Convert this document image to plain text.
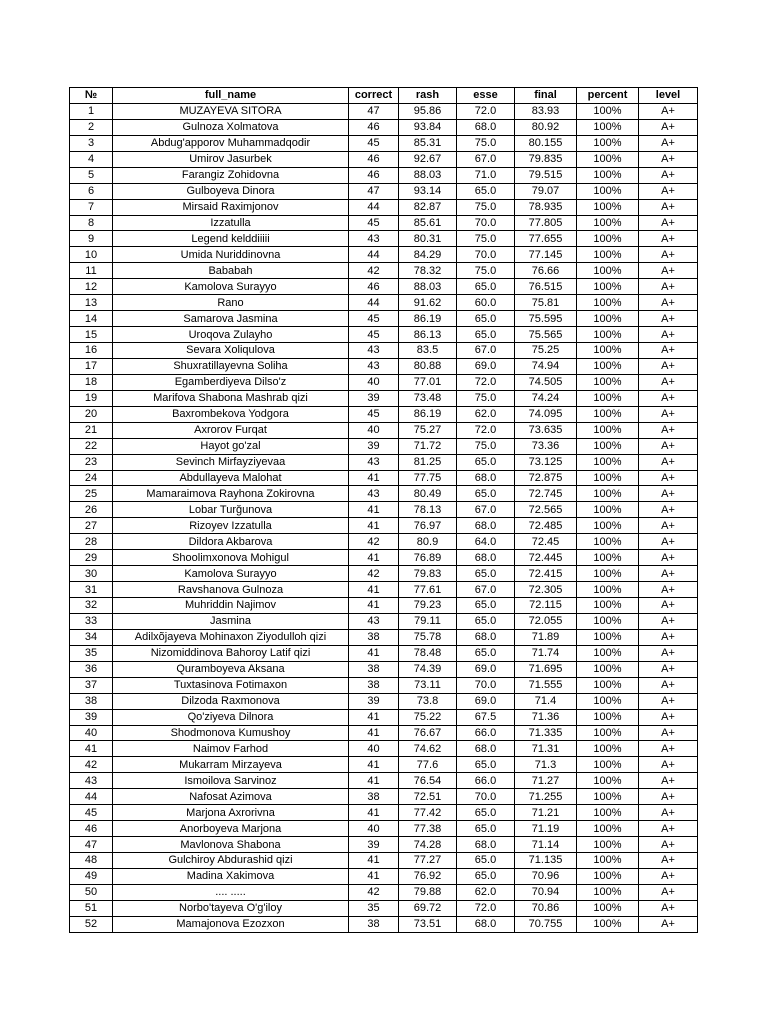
№	full_name	correct	rash	esse	final	percent	level
1	MUZAYEVA SITORA	47	95.86	72.0	83.93	100%	A+
2	Gulnoza Xolmatova	46	93.84	68.0	80.92	100%	A+
3	Abdug'apporov Muhammadqodir	45	85.31	75.0	80.155	100%	A+
4	Umirov Jasurbek	46	92.67	67.0	79.835	100%	A+
5	Farangiz Zohidovna	46	88.03	71.0	79.515	100%	A+
6	Gulboyeva Dinora	47	93.14	65.0	79.07	100%	A+
7	Mirsaid Raximjonov	44	82.87	75.0	78.935	100%	A+
8	Izzatulla	45	85.61	70.0	77.805	100%	A+
9	Legend kelddiiiii	43	80.31	75.0	77.655	100%	A+
10	Umida Nuriddinovna	44	84.29	70.0	77.145	100%	A+
11	Bababah	42	78.32	75.0	76.66	100%	A+
12	Kamolova Surayyo	46	88.03	65.0	76.515	100%	A+
13	Rano	44	91.62	60.0	75.81	100%	A+
14	Samarova Jasmina	45	86.19	65.0	75.595	100%	A+
15	Uroqova Zulayho	45	86.13	65.0	75.565	100%	A+
16	Sevara Xoliqulova	43	83.5	67.0	75.25	100%	A+
17	Shuxratillayevna Soliha	43	80.88	69.0	74.94	100%	A+
18	Egamberdiyeva Dilso'z	40	77.01	72.0	74.505	100%	A+
19	Marifova Shabona Mashrab qizi	39	73.48	75.0	74.24	100%	A+
20	Baxrombekova Yodgora	45	86.19	62.0	74.095	100%	A+
21	Axrorov Furqat	40	75.27	72.0	73.635	100%	A+
22	Hayot go'zal	39	71.72	75.0	73.36	100%	A+
23	Sevinch Mirfayziyevaa	43	81.25	65.0	73.125	100%	A+
24	Abdullayeva Malohat	41	77.75	68.0	72.875	100%	A+
25	Mamaraimova Rayhona Zokirovna	43	80.49	65.0	72.745	100%	A+
26	Lobar Turğunova	41	78.13	67.0	72.565	100%	A+
27	Rizoyev Izzatulla	41	76.97	68.0	72.485	100%	A+
28	Dildora Akbarova	42	80.9	64.0	72.45	100%	A+
29	Shoolimxonova Mohigul	41	76.89	68.0	72.445	100%	A+
30	Kamolova Surayyo	42	79.83	65.0	72.415	100%	A+
31	Ravshanova Gulnoza	41	77.61	67.0	72.305	100%	A+
32	Muhriddin Najimov	41	79.23	65.0	72.115	100%	A+
33	Jasmina	43	79.11	65.0	72.055	100%	A+
34	Adilxõjayeva Mohinaxon Ziyodulloh qizi	38	75.78	68.0	71.89	100%	A+
35	Nizomiddinova Bahoroy Latif qizi	41	78.48	65.0	71.74	100%	A+
36	Quramboyeva Aksana	38	74.39	69.0	71.695	100%	A+
37	Tuxtasinova Fotimaxon	38	73.11	70.0	71.555	100%	A+
38	Dilzoda Raxmonova	39	73.8	69.0	71.4	100%	A+
39	Qo'ziyeva Dilnora	41	75.22	67.5	71.36	100%	A+
40	Shodmonova Kumushoy	41	76.67	66.0	71.335	100%	A+
41	Naimov Farhod	40	74.62	68.0	71.31	100%	A+
42	Mukarram Mirzayeva	41	77.6	65.0	71.3	100%	A+
43	Ismoilova Sarvinoz	41	76.54	66.0	71.27	100%	A+
44	Nafosat Azimova	38	72.51	70.0	71.255	100%	A+
45	Marjona Axrorivna	41	77.42	65.0	71.21	100%	A+
46	Anorboyeva Marjona	40	77.38	65.0	71.19	100%	A+
47	Mavlonova Shabona	39	74.28	68.0	71.14	100%	A+
48	Gulchiroy Abdurashid qizi	41	77.27	65.0	71.135	100%	A+
49	Madina Xakimova	41	76.92	65.0	70.96	100%	A+
50	.... .....	42	79.88	62.0	70.94	100%	A+
51	Norbo'tayeva O'g'iloy	35	69.72	72.0	70.86	100%	A+
52	Mamajonova Ezozxon	38	73.51	68.0	70.755	100%	A+
